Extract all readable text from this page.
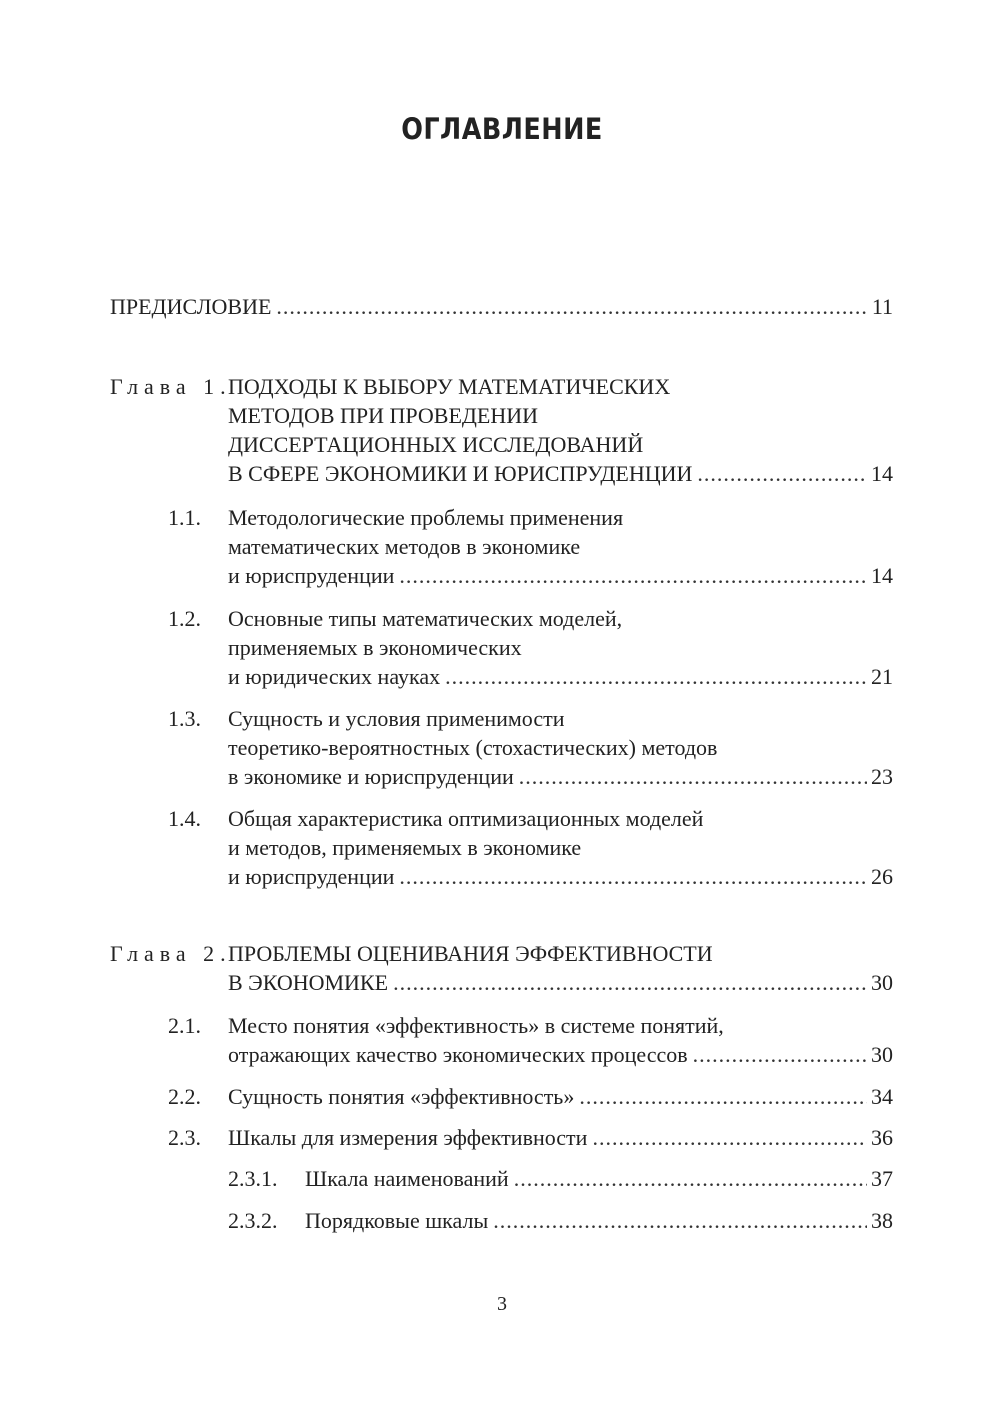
ОГЛАВЛЕНИЕ
ПРЕДИСЛОВИЕ .....	11
Глава 1.
ПОДХОДЫ К ВЫБОРУ МАТЕМАТИЧЕСКИХ
МЕТОДОВ ПРИ ПРОВЕДЕНИИ
ДИССЕРТАЦИОННЫХ ИССЛЕДОВАНИЙ
В СФЕРЕ ЭКОНОМИКИ И ЮРИСПРУДЕНЦИИ .....	14
1.1. Методологические проблемы применения
математических методов в экономике
и юриспруденции .....	14
1.2. Основные типы математических моделей,
применяемых в экономических
и юридических науках .....	21
1.3. Сущность и условия применимости
теоретико-вероятностных (стохастических) методов
в экономике и юриспруденции .....	23
1.4. Общая характеристика оптимизационных моделей
и методов, применяемых в экономике
и юриспруденции .....	26
Глава 2.
ПРОБЛЕМЫ ОЦЕНИВАНИЯ ЭФФЕКТИВНОСТИ
В ЭКОНОМИКЕ .....	30
2.1. Место понятия «эффективность» в системе понятий,
отражающих качество экономических процессов .....	30
2.2. Сущность понятия «эффективность» .....	34
2.3. Шкалы для измерения эффективности .....	36
2.3.1. Шкала наименований .....	37
2.3.2. Порядковые шкалы .....	38
3
